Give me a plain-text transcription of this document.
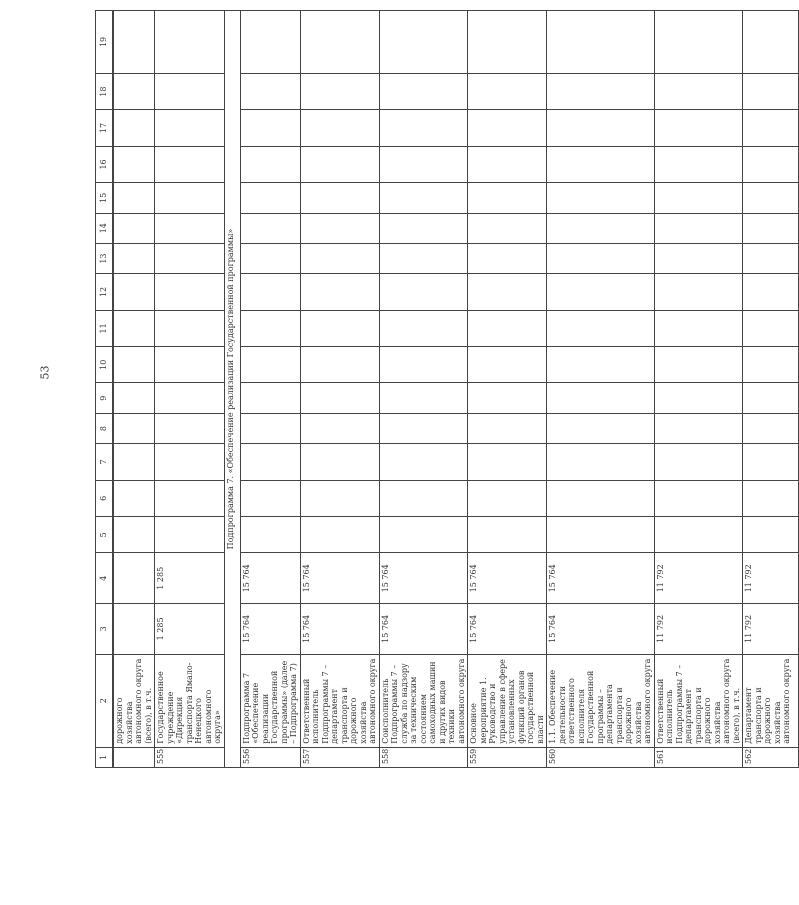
53
1	2	3	4	5	6	7	8	9	10	11	12	13	14	15	16	17	18	19
	дорожного хозяйства автономного округа (всего), в т.ч.																	
555	Государственное учреждение «Дирекция транспорта Ямало-Ненецкого автономного округа»	1 285	1 285															
Подпрограмма 7. «Обеспечение реализации Государственной программы»																		
556	Подпрограмма 7 «Обеспечение реализации Государственной программы» (далее – Подпрограмма 7)	15 764	15 764															
557	Ответственный исполнитель Подпрограммы 7 – департамент транспорта и дорожного хозяйства автономного округа	15 764	15 764															
558	Соисполнитель Подпрограммы 7 – служба по надзору за техническим состоянием самоходных машин и других видов техники автономного округа	15 764	15 764															
559	Основное мероприятие 1. Руководство и управление в сфере установленных функций органов государственной власти	15 764	15 764															
560	1.1. Обеспечение деятельности ответственного исполнителя Государственной программы – департамента транспорта и дорожного хозяйства автономного округа	15 764	15 764															
561	Ответственный исполнитель Подпрограммы 7 – департамент транспорта и дорожного хозяйства автономного округа (всего), в т.ч.	11 792	11 792															
562	Департамент транспорта и дорожного хозяйства автономного округа	11 792	11 792															
